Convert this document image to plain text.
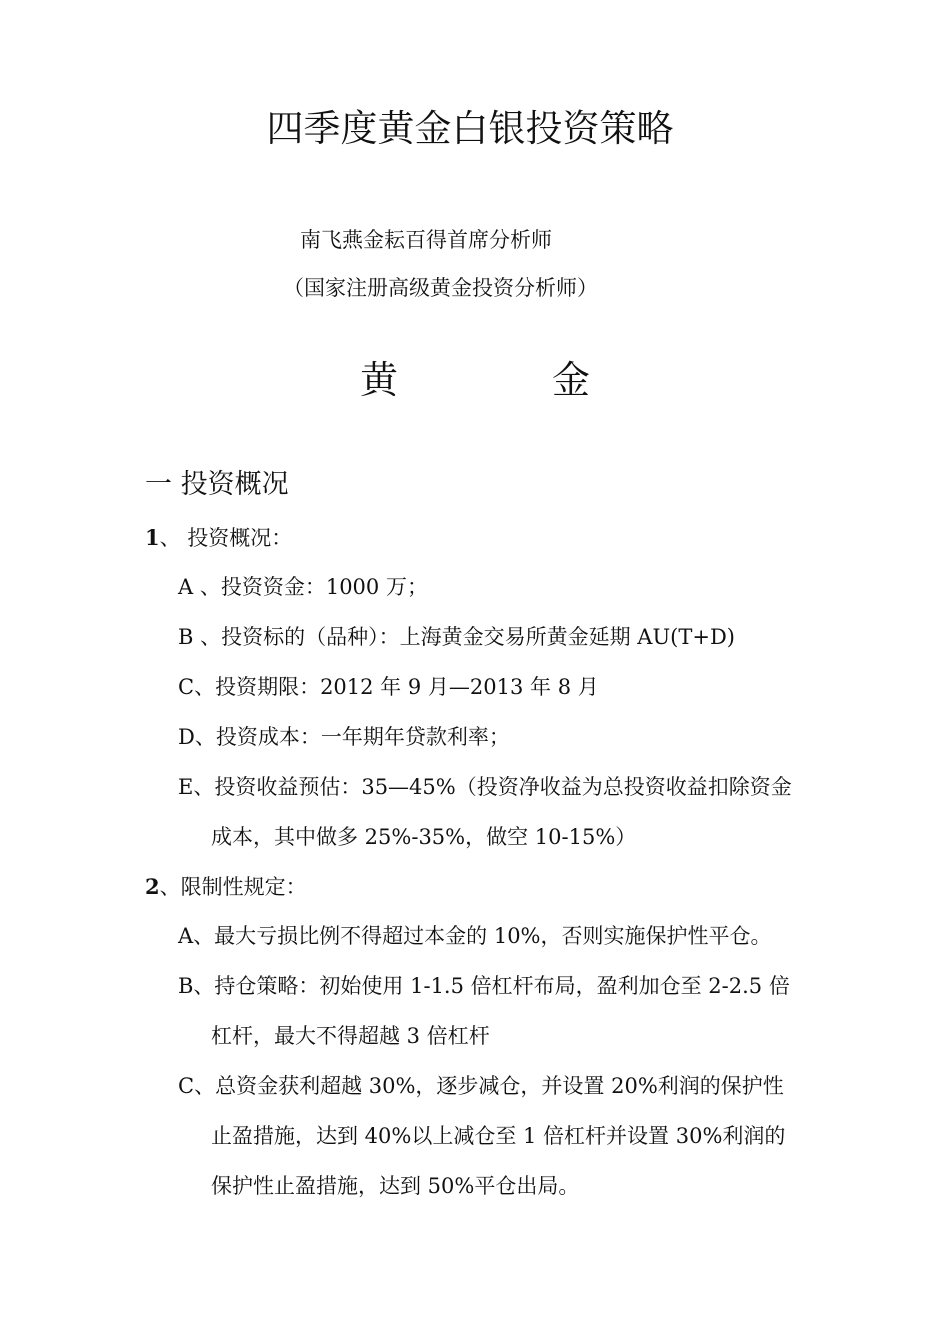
四季度黄金白银投资策略
南飞燕金耘百得首席分析师
（国家注册高级黄金投资分析师）
黄	金
一 投资概况
1、 投资概况：
A 、投资资金：1000 万；
B 、投资标的（品种）：上海黄金交易所黄金延期 AU(T+D)
C、投资期限：2012 年 9 月—2013 年 8 月
D、投资成本：一年期年贷款利率；
E、投资收益预估：35—45%（投资净收益为总投资收益扣除资金
成本，其中做多 25%-35%，做空 10-15%）
2、限制性规定：
A、最大亏损比例不得超过本金的 10%，否则实施保护性平仓。
B、持仓策略：初始使用 1-1.5 倍杠杆布局，盈利加仓至 2-2.5 倍
杠杆，最大不得超越 3 倍杠杆
C、总资金获利超越 30%，逐步减仓，并设置 20%利润的保护性
止盈措施，达到 40%以上减仓至 1 倍杠杆并设置 30%利润的
保护性止盈措施，达到 50%平仓出局。
